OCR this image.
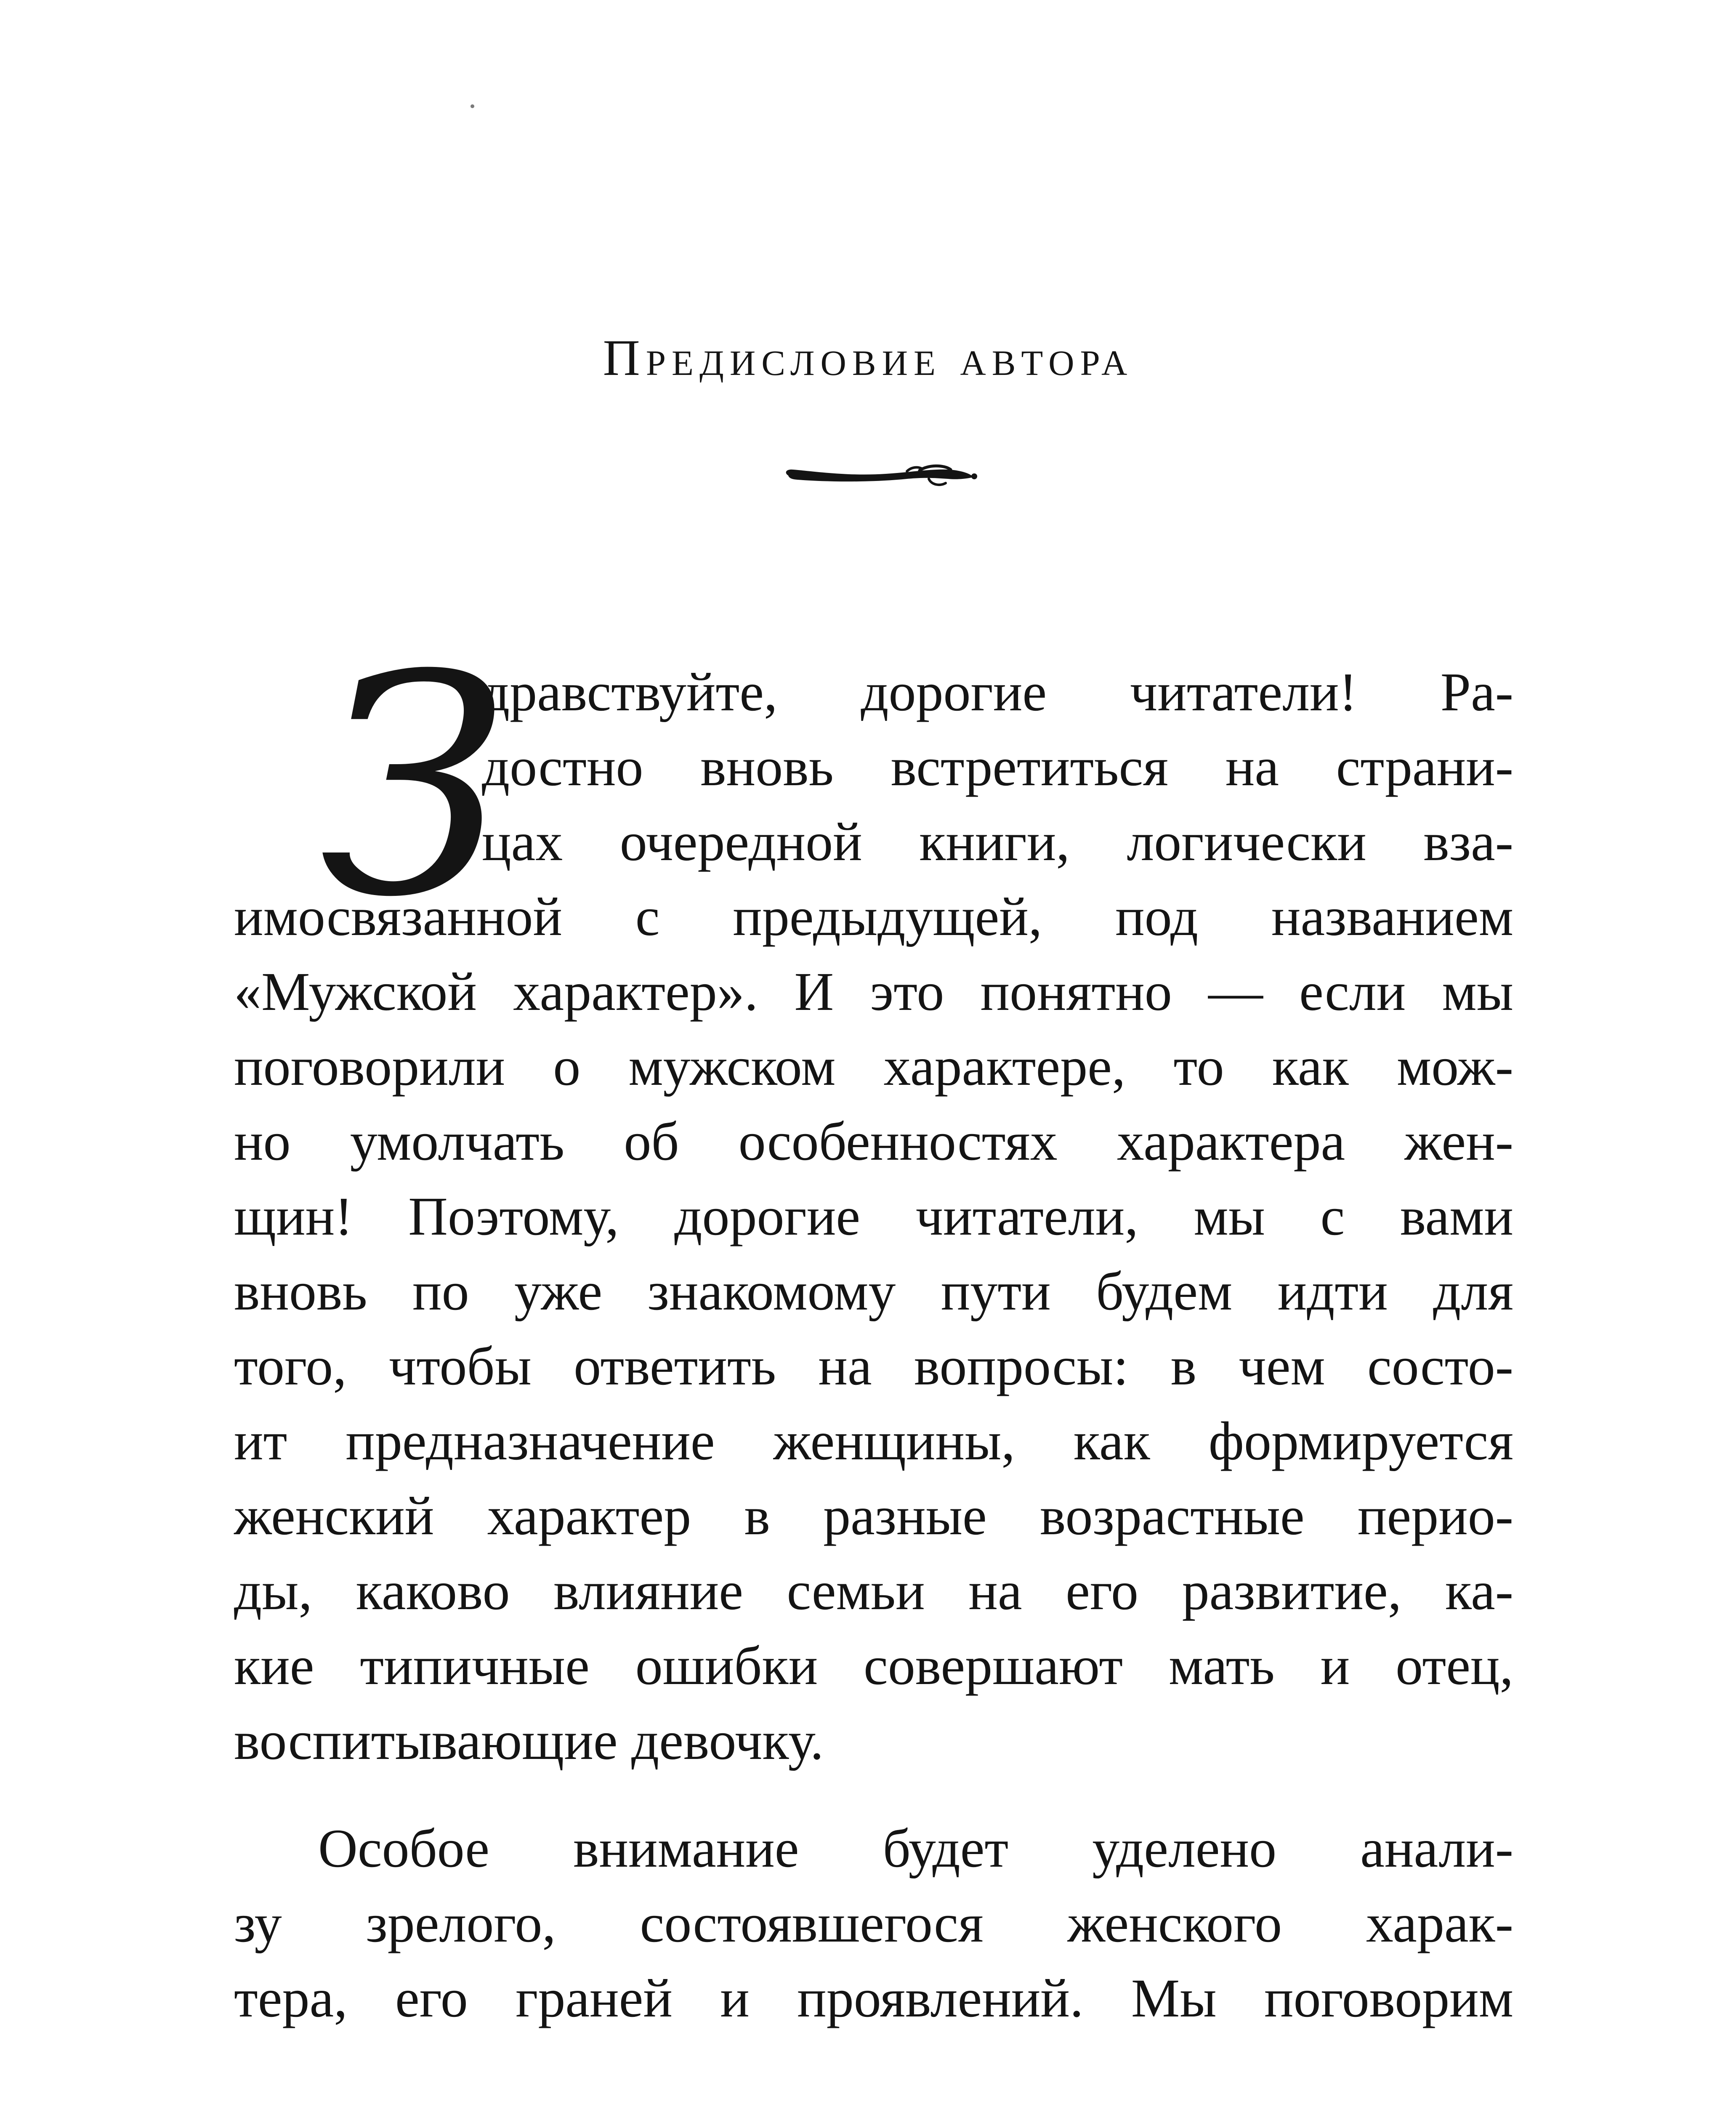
Предисловие автора
З
дравствуйте, дорогие читатели! Ра-
достно вновь встретиться на страни-
цах очередной книги, логически вза-
имосвязанной с предыдущей, под названием
«Мужской характер». И это понятно — если мы
поговорили о мужском характере, то как мож-
но умолчать об особенностях характера жен-
щин! Поэтому, дорогие читатели, мы с вами
вновь по уже знакомому пути будем идти для
того, чтобы ответить на вопросы: в чем состо-
ит предназначение женщины, как формируется
женский характер в разные возрастные перио-
ды, каково влияние семьи на его развитие, ка-
кие типичные ошибки совершают мать и отец,
воспитывающие девочку.
Особое внимание будет уделено анали-
зу зрелого, состоявшегося женского харак-
тера, его граней и проявлений. Мы поговорим
